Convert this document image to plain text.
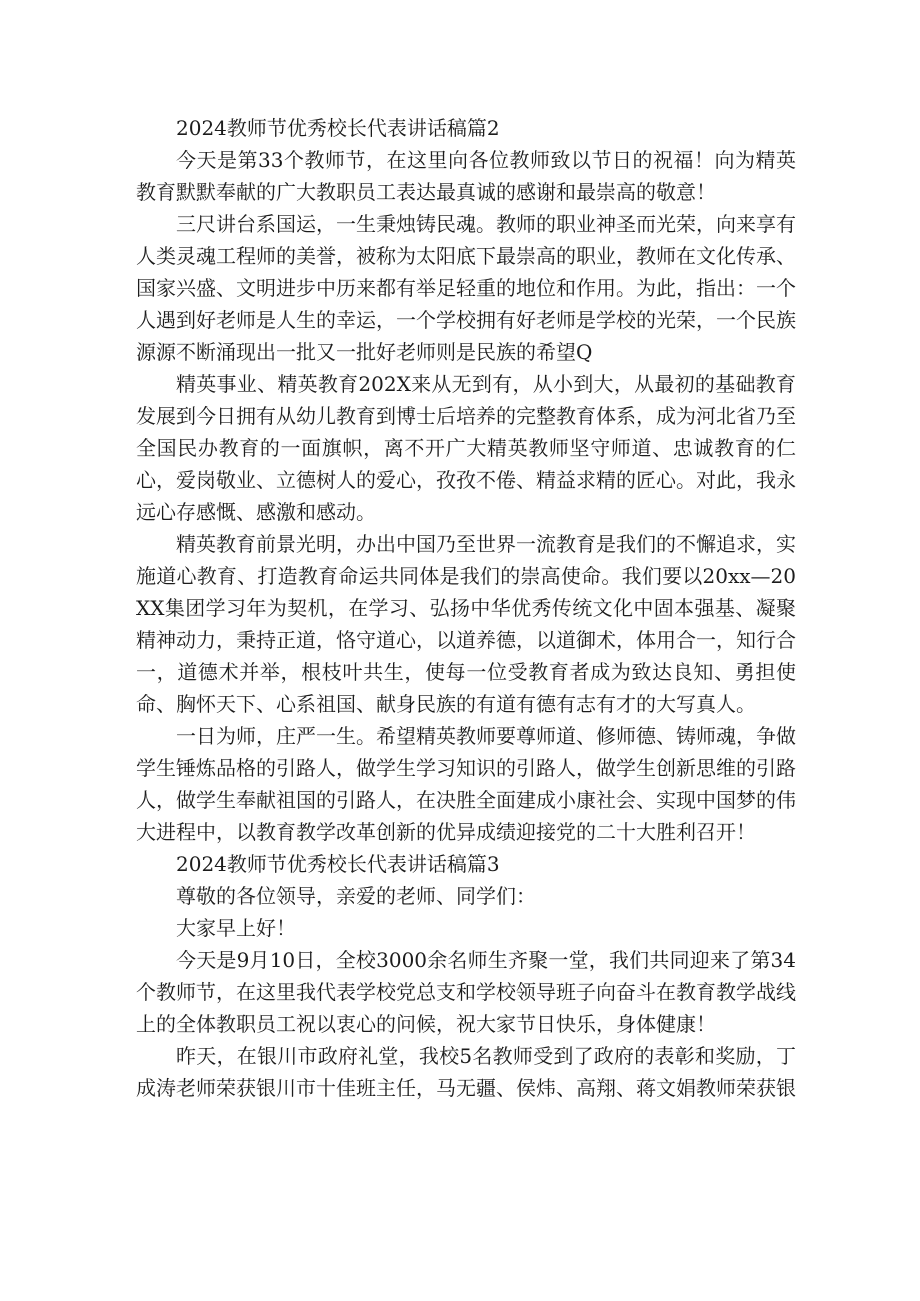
2024教师节优秀校长代表讲话稿篇2

今天是第33个教师节，在这里向各位教师致以节日的祝福！向为精英教育默默奉献的广大教职员工表达最真诚的感谢和最崇高的敬意！

三尺讲台系国运，一生秉烛铸民魂。教师的职业神圣而光荣，向来享有人类灵魂工程师的美誉，被称为太阳底下最崇高的职业，教师在文化传承、国家兴盛、文明进步中历来都有举足轻重的地位和作用。为此，指出：一个人遇到好老师是人生的幸运，一个学校拥有好老师是学校的光荣，一个民族源源不断涌现出一批又一批好老师则是民族的希望Q

精英事业、精英教育202X来从无到有，从小到大，从最初的基础教育发展到今日拥有从幼儿教育到博士后培养的完整教育体系，成为河北省乃至全国民办教育的一面旗帜，离不开广大精英教师坚守师道、忠诚教育的仁心，爱岗敬业、立德树人的爱心，孜孜不倦、精益求精的匠心。对此，我永远心存感慨、感激和感动。

精英教育前景光明，办出中国乃至世界一流教育是我们的不懈追求，实施道心教育、打造教育命运共同体是我们的崇高使命。我们要以20xx—20XX集团学习年为契机，在学习、弘扬中华优秀传统文化中固本强基、凝聚精神动力，秉持正道，恪守道心，以道养德，以道御术，体用合一，知行合一，道德术并举，根枝叶共生，使每一位受教育者成为致达良知、勇担使命、胸怀天下、心系祖国、献身民族的有道有德有志有才的大写真人。

一日为师，庄严一生。希望精英教师要尊师道、修师德、铸师魂，争做学生锤炼品格的引路人，做学生学习知识的引路人，做学生创新思维的引路人，做学生奉献祖国的引路人，在决胜全面建成小康社会、实现中国梦的伟大进程中，以教育教学改革创新的优异成绩迎接党的二十大胜利召开！

2024教师节优秀校长代表讲话稿篇3

尊敬的各位领导，亲爱的老师、同学们：

大家早上好！

今天是9月10日，全校3000余名师生齐聚一堂，我们共同迎来了第34个教师节，在这里我代表学校党总支和学校领导班子向奋斗在教育教学战线上的全体教职员工祝以衷心的问候，祝大家节日快乐，身体健康！

昨天，在银川市政府礼堂，我校5名教师受到了政府的表彰和奖励，丁成涛老师荣获银川市十佳班主任，马无疆、侯炜、高翔、蒋文娟教师荣获银
